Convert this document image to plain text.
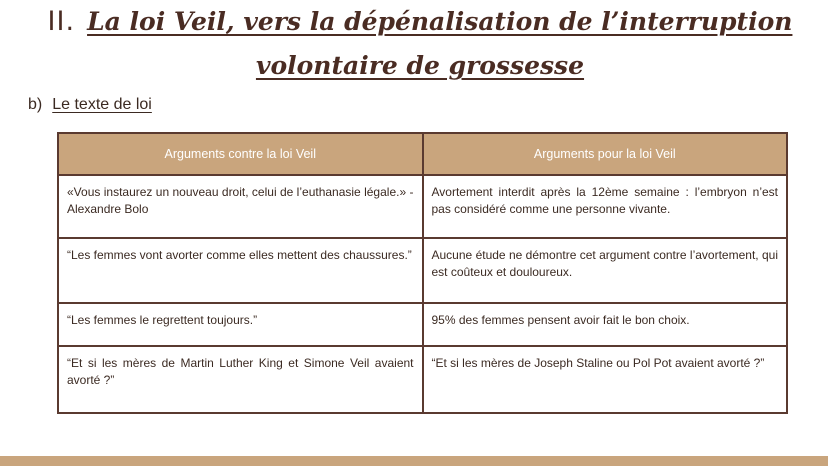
II. La loi Veil, vers la dépénalisation de l’interruption
volontaire de grossesse
b) Le texte de loi
Arguments contre la loi Veil	Arguments pour la loi Veil
«Vous instaurez un nouveau droit, celui de l’euthanasie légale.» - Alexandre Bolo	Avortement interdit après la 12ème semaine : l’embryon n’est pas considéré comme une personne vivante.
“Les femmes vont avorter comme elles mettent des chaussures.”	Aucune étude ne démontre cet argument contre l’avortement, qui est coûteux et douloureux.
“Les femmes le regrettent toujours.”	95% des femmes pensent avoir fait le bon choix.
“Et si les mères de Martin Luther King et Simone Veil avaient avorté ?”	“Et si les mères de Joseph Staline ou Pol Pot avaient avorté ?”
